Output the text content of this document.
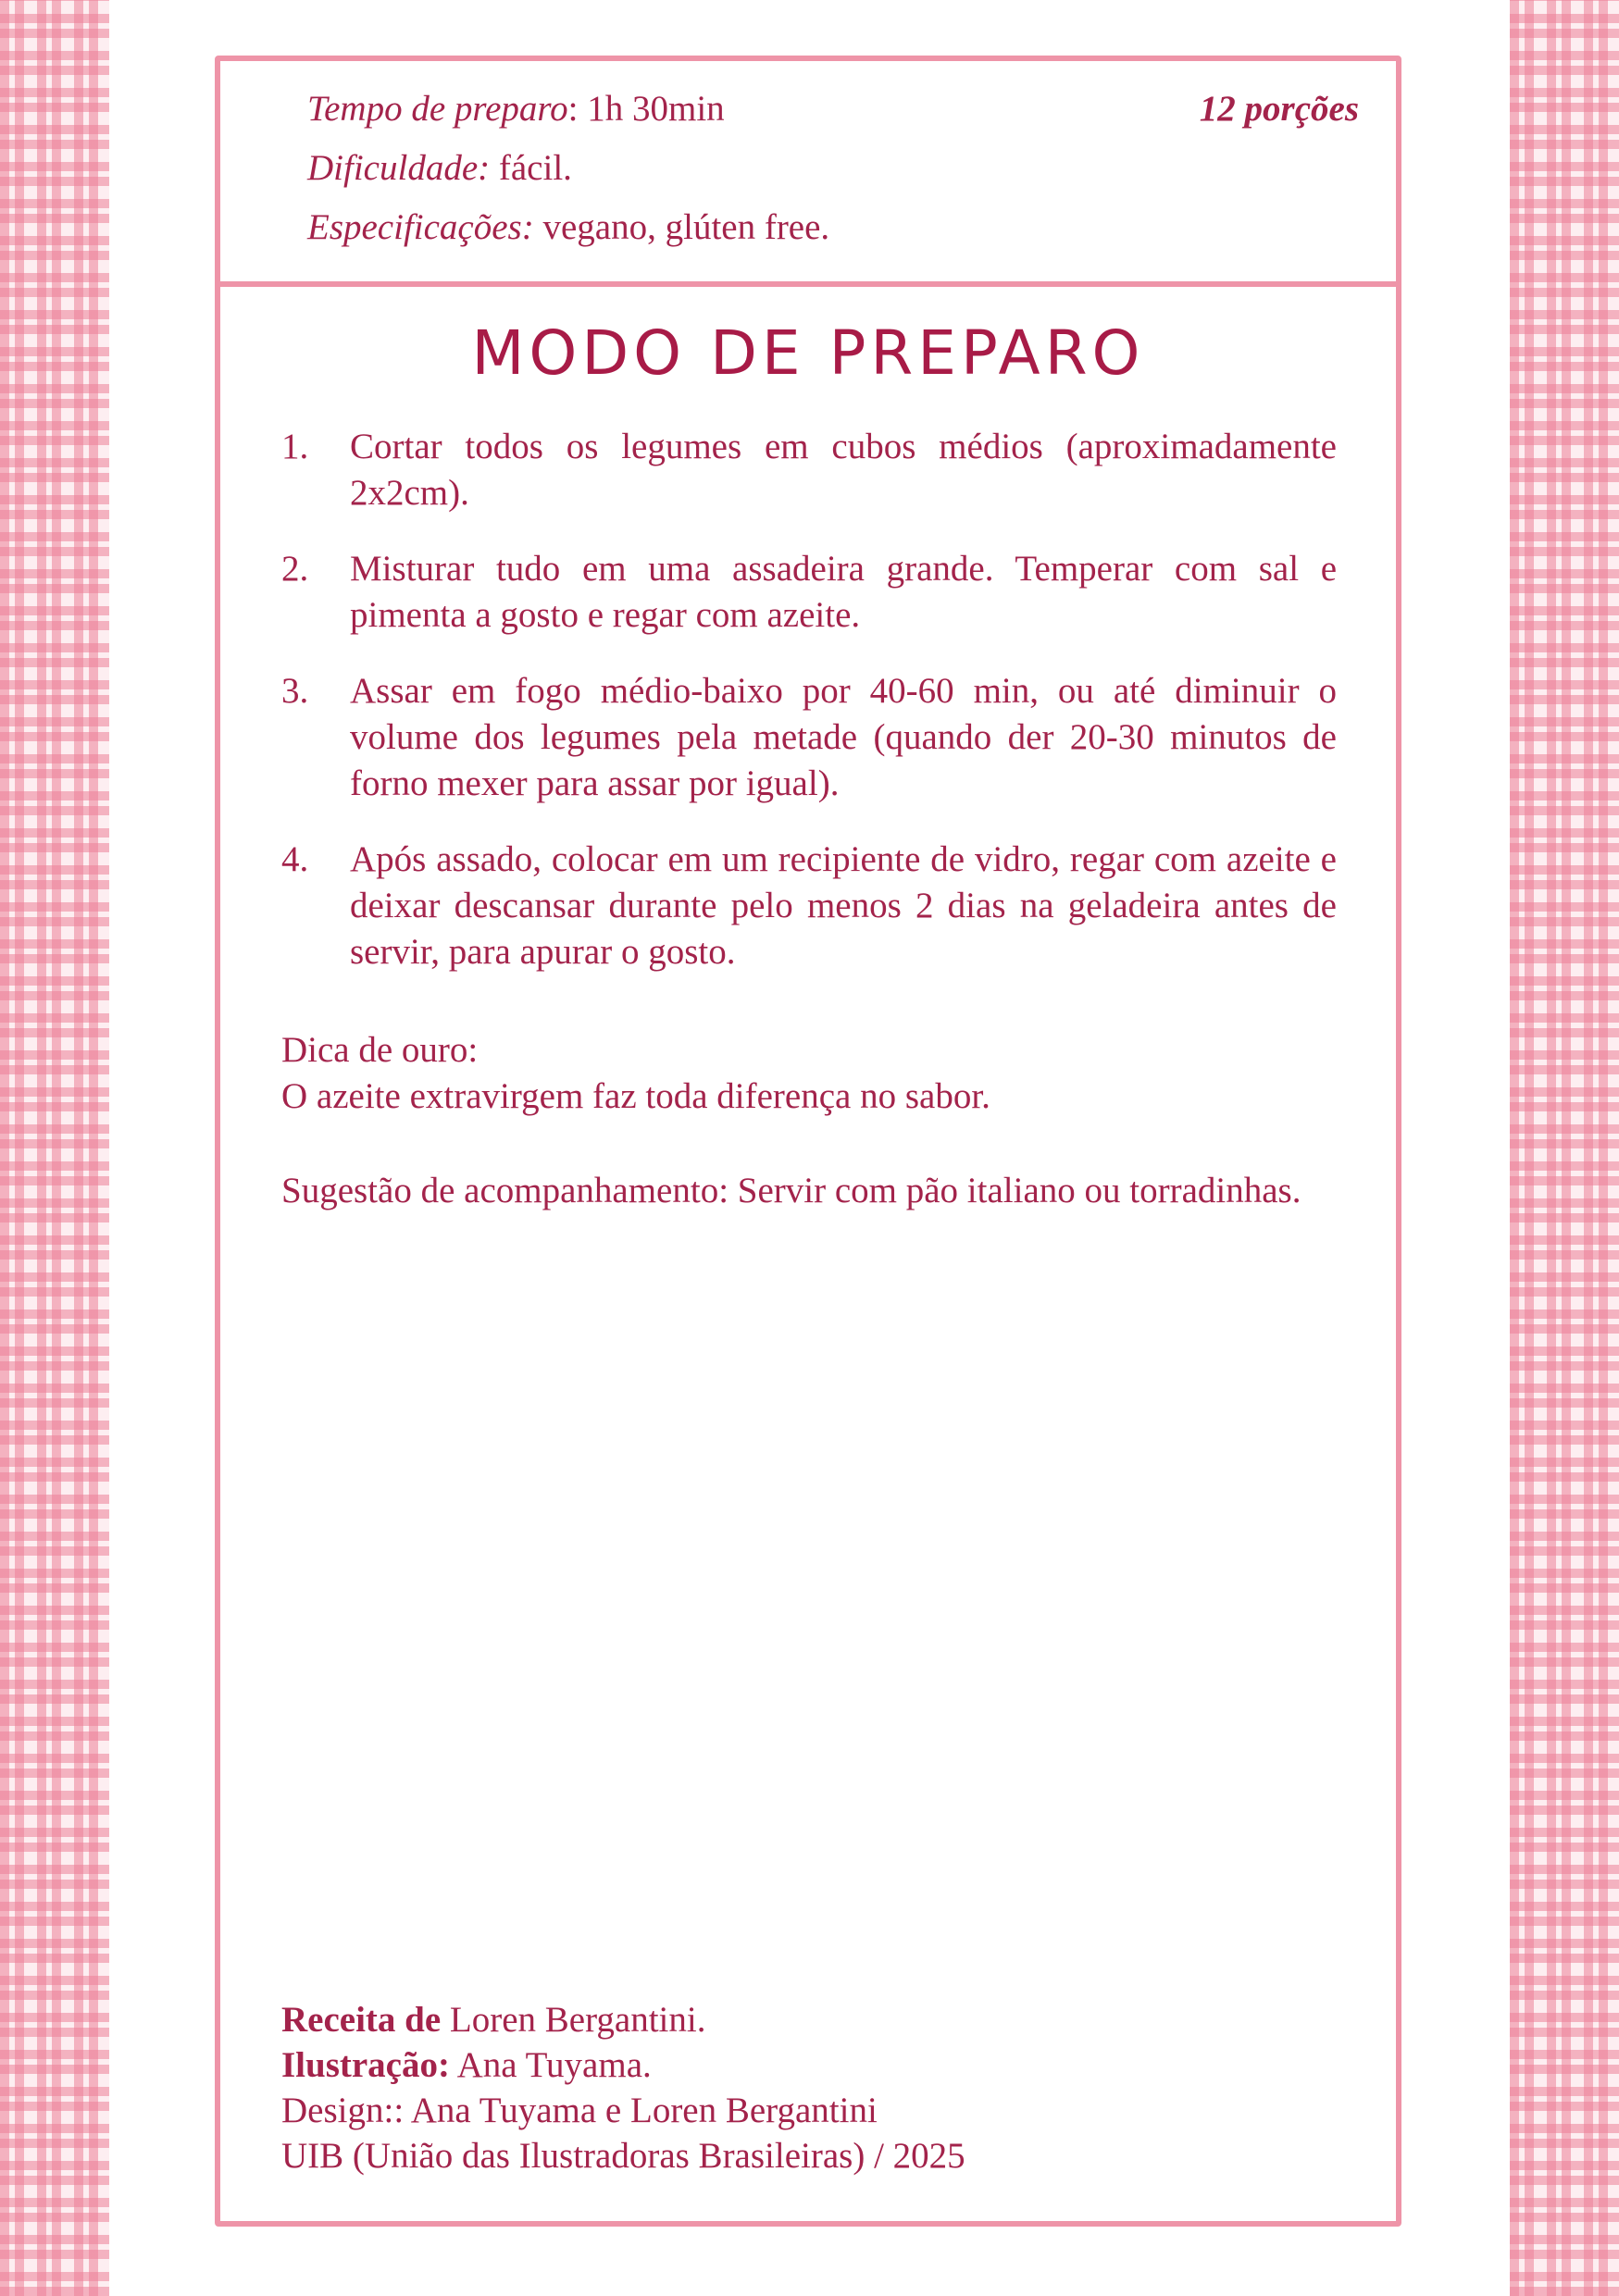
Tempo de preparo: 1h 30min
Dificuldade: fácil.
Especificações: vegano, glúten free.
12 porções
MODO DE PREPARO
1. Cortar todos os legumes em cubos médios (aproximadamente 2x2cm).
2. Misturar tudo em uma assadeira grande. Temperar com sal e pimenta a gosto e regar com azeite.
3. Assar em fogo médio-baixo por 40-60 min, ou até diminuir o volume dos legumes pela metade (quando der 20-30 minutos de forno mexer para assar por igual).
4. Após assado, colocar em um recipiente de vidro, regar com azeite e deixar descansar durante pelo menos 2 dias na geladeira antes de servir, para apurar o gosto.
Dica de ouro:
O azeite extravirgem faz toda diferença no sabor.
Sugestão de acompanhamento: Servir com pão italiano ou torradinhas.
Receita de Loren Bergantini.
Ilustração: Ana Tuyama.
Design:: Ana Tuyama e Loren Bergantini
UIB (União das Ilustradoras Brasileiras) / 2025
